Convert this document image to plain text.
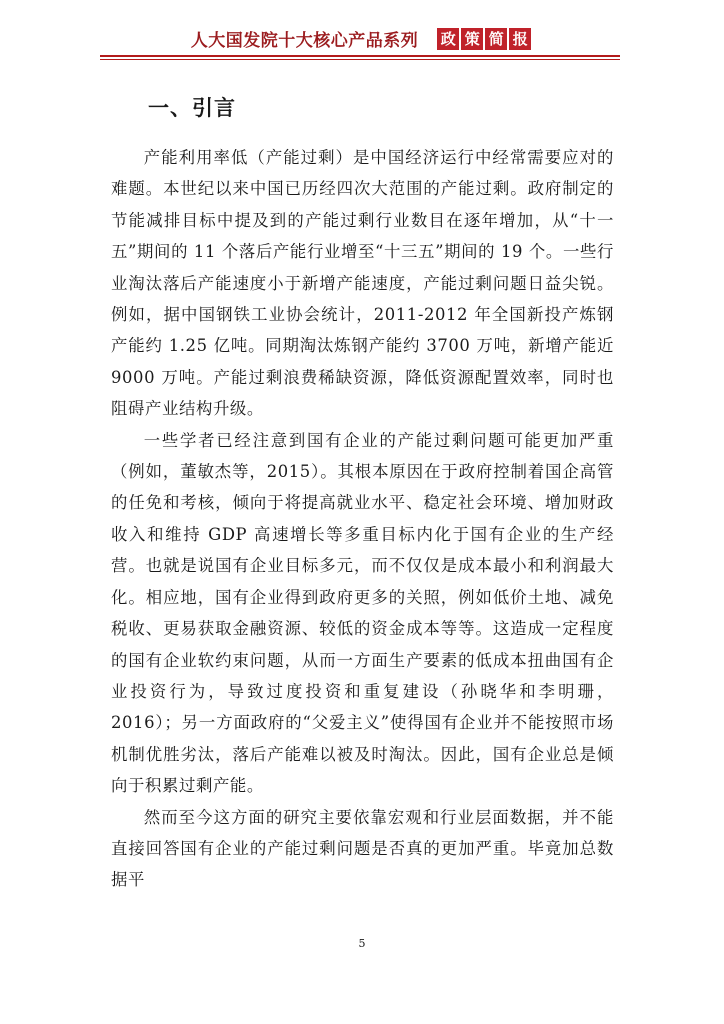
人大国发院十大核心产品系列 政 策 简 报
一、引言

产能利用率低（产能过剩）是中国经济运行中经常需要应对的难题。本世纪以来中国已历经四次大范围的产能过剩。政府制定的节能减排目标中提及到的产能过剩行业数目在逐年增加，从“十一五”期间的 11 个落后产能行业增至“十三五”期间的 19 个。一些行业淘汰落后产能速度小于新增产能速度，产能过剩问题日益尖锐。例如，据中国钢铁工业协会统计，2011-2012 年全国新投产炼钢产能约 1.25 亿吨。同期淘汰炼钢产能约 3700 万吨，新增产能近 9000 万吨。产能过剩浪费稀缺资源，降低资源配置效率，同时也阻碍产业结构升级。

一些学者已经注意到国有企业的产能过剩问题可能更加严重（例如，董敏杰等，2015）。其根本原因在于政府控制着国企高管的任免和考核，倾向于将提高就业水平、稳定社会环境、增加财政收入和维持 GDP 高速增长等多重目标内化于国有企业的生产经营。也就是说国有企业目标多元，而不仅仅是成本最小和利润最大化。相应地，国有企业得到政府更多的关照，例如低价土地、减免税收、更易获取金融资源、较低的资金成本等等。这造成一定程度的国有企业软约束问题，从而一方面生产要素的低成本扭曲国有企业投资行为，导致过度投资和重复建设（孙晓华和李明珊，2016）；另一方面政府的“父爱主义”使得国有企业并不能按照市场机制优胜劣汰，落后产能难以被及时淘汰。因此，国有企业总是倾向于积累过剩产能。

然而至今这方面的研究主要依靠宏观和行业层面数据，并不能直接回答国有企业的产能过剩问题是否真的更加严重。毕竟加总数据平

5
